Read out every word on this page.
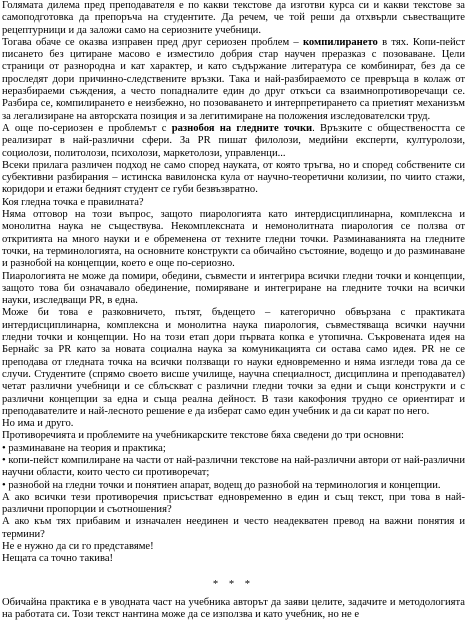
Голямата дилема пред преподавателя е по какви текстове да изготви курса си и какви текстове за самоподготовка да препоръча на студентите. Да речем, че той реши да отхвърли съвестващите рецептурници и да заложи само на сериозните учебници.

Тогава обаче се оказва изправен пред друг сериозен проблем – компилирането в тях. Копи-пейст писането без цитиране масово е изместило добрия стар научен преразказ с позоваване. Цели страници от разнородна и кат характер, и като съдържание литература се комбинират, без да се проследят дори причинно-следствените връзки. Така и най-разбираемото се превръща в колаж от неразбираеми съждения, а често попадналите един до друг откъси са взаимнопротиворечащи се. Разбира се, компилирането е неизбежно, но позоваването и интерпретирането са приетият механизъм за легализиране на авторската позиция и за легитимиране на положения изследователски труд.

А още по-сериозен е проблемът с разнобоя на гледните точки. Връзките с обществеността се реализират в най-различни сфери. За PR пишат филолози, медийни експерти, културолози, социолози, политолози, психолози, маркетолози, управленци...

Всеки прилага различен подход не само според науката, от която тръгва, но и според собствените си субективни разбирания – истинска вавилонска кула от научно-теоретични колизии, по чиито стажи, коридори и етажи бедният студент се губи безвъзвратно.

Коя гледна точка е правилната?

Няма отговор на този въпрос, защото пиарологията като интердисциплинарна, комплексна и монолитна наука не съществува. Некомплексната и немонолитната пиарология се ползва от откритията на много науки и е обременена от техните гледни точки. Разминаванията на гледните точки, на терминологията, на основните конструкти са обичайно състояние, водещо и до разминаване и разнобой на концепции, което е още по-сериозно.

Пиарологията не може да помири, обедини, съвмести и интегрира всички гледни точки и концепции, защото това би означавало обединение, помиряване и интегриране на гледните точки на всички науки, изследващи PR, в една.

Може би това е разковничето, пътят, бъдещето – категорично обвързана с практиката интердисциплинарна, комплексна и монолитна наука пиарология, съвместяваща всички научни гледни точки и концепции. Но на този етап дори първата копка е утопична. Съкровената идея на Бернайс за PR като за новата социална наука за комуникацията си остава само идея. PR не се преподава от гледната точка на всички ползващи го науки едновременно и няма изгледи това да се случи. Студентите (спрямо своето висше училище, научна специалност, дисциплина и преподавател) четат различни учебници и се сблъскват с различни гледни точки за едни и същи конструкти и с различни концепции за една и съща реална дейност. В тази какофония трудно се ориентират и преподавателите и най-лесното решение е да изберат само един учебник и да си карат по него.

Но има и друго.

Противоречията и проблемите на учебникарските текстове бяха сведени до три основни:

• разминаване на теория и практика;

• копи-пейст компилиране на части от най-различни текстове на най-различни автори от най-различни научни области, които често си противоречат;

• разнобой на гледни точки и понятиен апарат, водещ до разнобой на терминология и концепции.

А ако всички тези противоречия присъстват едновременно в един и същ текст, при това в най-различни пропорции и съотношения?

А ако към тях прибавим и изначален неединен и често неадекватен превод на важни понятия и термини?

Не е нужно да си го представяме!

Нещата са точно такива!

* * *

Обичайна практика е в уводната част на учебника авторът да заяви целите, задачите и методологията на работата си. Този текст нантина може да се използва и като учебник, но не е
